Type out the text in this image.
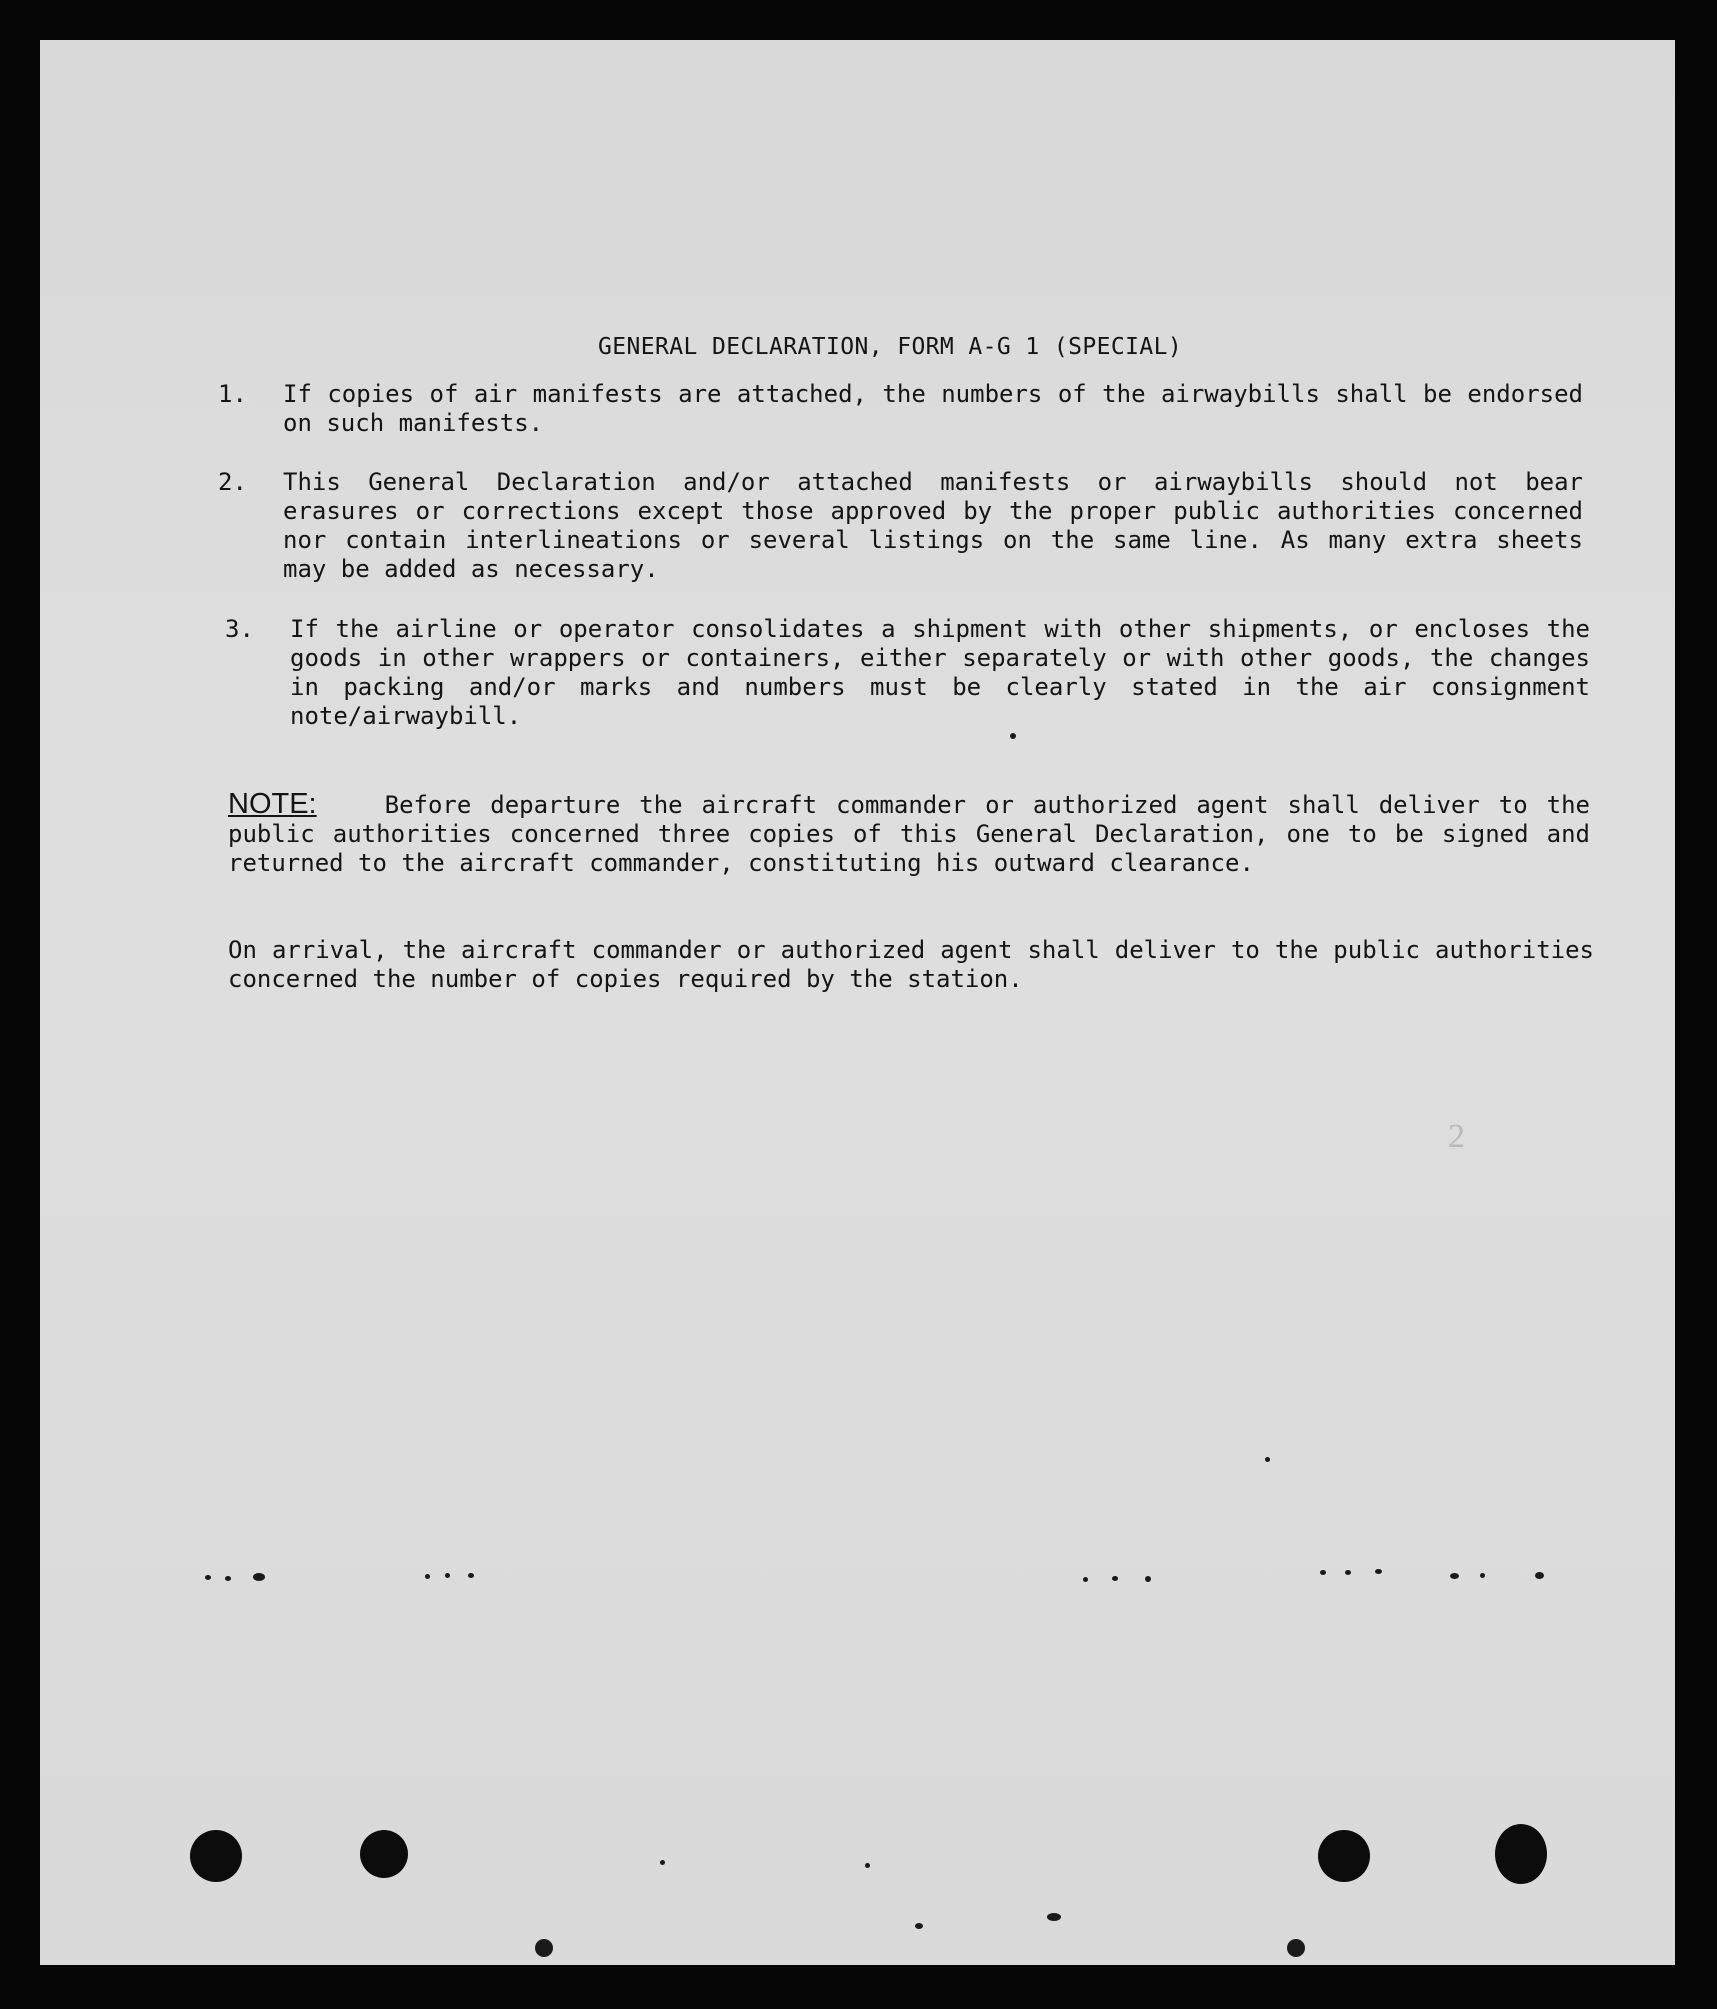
GENERAL DECLARATION, FORM A-G 1 (SPECIAL)
1. If copies of air manifests are attached, the numbers of the airwaybills shall be endorsed on such manifests.
2. This General Declaration and/or attached manifests or airwaybills should not bear erasures or corrections except those approved by the proper public authorities concerned nor contain interlineations or several listings on the same line. As many extra sheets may be added as necessary.
3. If the airline or operator consolidates a shipment with other shipments, or encloses the goods in other wrappers or containers, either separately or with other goods, the changes in packing and/or marks and numbers must be clearly stated in the air consignment note/airwaybill.
NOTE:	Before departure the aircraft commander or authorized agent shall deliver to the public authorities concerned three copies of this General Declaration, one to be signed and returned to the aircraft commander, constituting his outward clearance.
On arrival, the aircraft commander or authorized agent shall deliver to the public authorities concerned the number of copies required by the station.
2
